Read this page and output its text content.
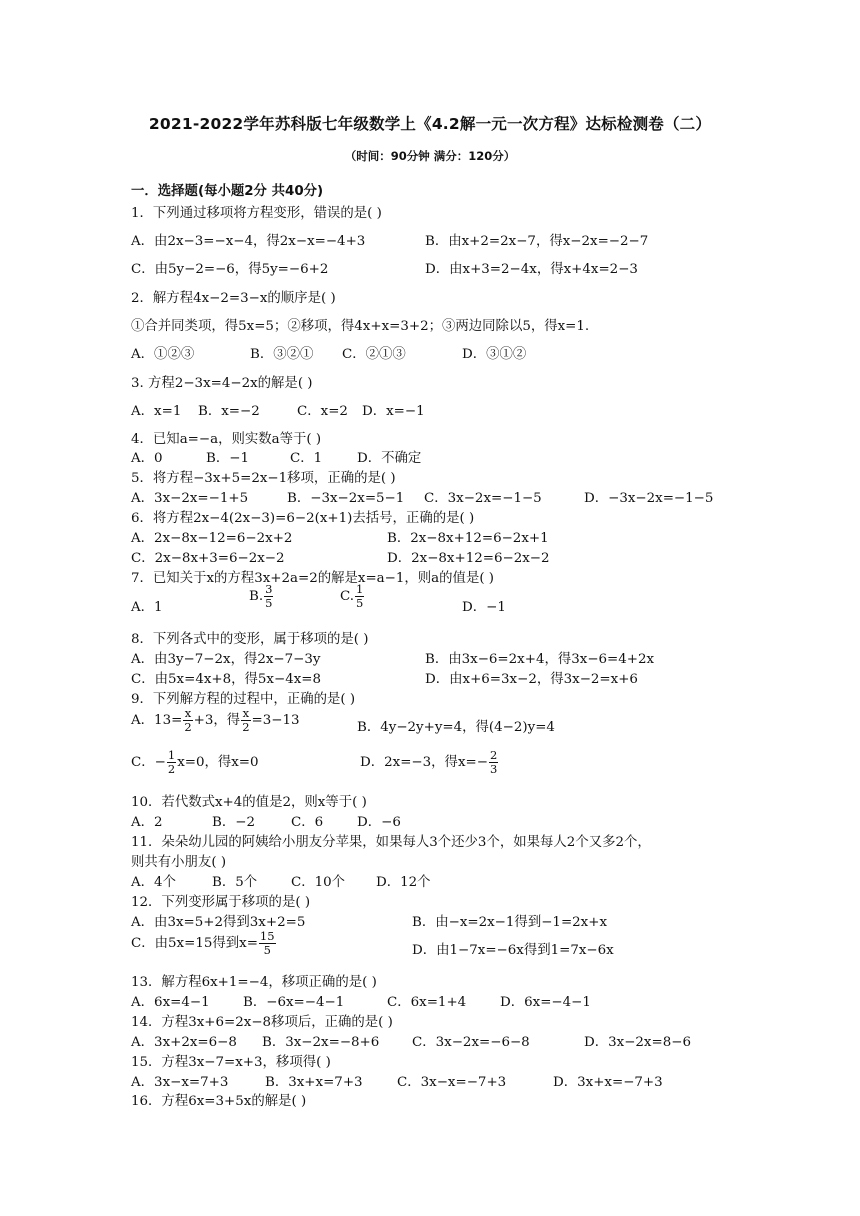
2021-2022学年苏科版七年级数学上《4.2解一元一次方程》达标检测卷（二）
（时间：90分钟 满分：120分）
一．选择题(每小题2分 共40分)
1．下列通过移项将方程变形，错误的是( )
A．由2x−3=−x−4，得2x−x=−4+3	B．由x+2=2x−7，得x−2x=−2−7
C．由5y−2=−6，得5y=−6+2	D．由x+3=2−4x，得x+4x=2−3
2．解方程4x−2=3−x的顺序是( )
①合并同类项，得5x=5；②移项，得4x+x=3+2；③两边同除以5，得x=1.
A．①②③	B．③②① C．②①③	D．③①②
3. 方程2−3x=4−2x的解是( )
A．x=1 B．x=−2	C．x=2 D．x=−1
4．已知a=−a，则实数a等于( )
A．0	B．−1	C．1	D．不确定
5．将方程−3x+5=2x−1移项，正确的是( )
A．3x−2x=−1+5	B．−3x−2x=5−1 C．3x−2x=−1−5	D．−3x−2x=−1−5
6．将方程2x−4(2x−3)=6−2(x+1)去括号，正确的是( )
A．2x−8x−12=6−2x+2	B．2x−8x+12=6−2x+1
C．2x−8x+3=6−2x−2	D．2x−8x+12=6−2x−2
7．已知关于x的方程3x+2a=2的解是x=a−1，则a的值是( )
A．1
B. $\frac{3}{5}$	C. $\frac{1}{5}$	D．−1
8．下列各式中的变形，属于移项的是( )
A．由3y−7−2x，得2x−7−3y	B．由3x−6=2x+4，得3x−6=4+2x
C．由5x=4x+8，得5x−4x=8	D．由x+6=3x−2，得3x−2=x+6
9．下列解方程的过程中，正确的是( )
A．$13= \frac{x}{2} +3$，得 $\frac{x}{2} =3-13$	B．4y−2y+y=4，得(4−2)y=4
C．− $\frac{1}{2} x=0$，得x=0	D．2x=−3，得$x=- \frac{2}{3}$
10．若代数式x+4的值是2，则x等于( )
A．2	B．−2	C．6	D．−6
11．朵朵幼儿园的阿姨给小朋友分苹果，如果每人3个还少3个，如果每人2个又多2个，
则共有小朋友( )
A．4个	B．5个	C．10个 D．12个
12．下列变形属于移项的是( )
A．由3x=5+2得到3x+2=5	B．由−x=2x−1得到−1=2x+x
C．由5x=15得到$x= \frac{15}{5}$	D．由1−7x=−6x得到1=7x−6x
13．解方程6x+1=−4，移项正确的是( )
A．6x=4−1 B．−6x=−4−1	C．6x=1+4	D．6x=−4−1
14．方程3x+6=2x−8移项后，正确的是( )
A．3x+2x=6−8 B．3x−2x=−8+6 C．3x−2x=−6−8	D．3x−2x=8−6
15．方程3x−7=x+3，移项得( )
A．3x−x=7+3	B．3x+x=7+3	C．3x−x=−7+3	D．3x+x=−7+3
16．方程6x=3+5x的解是( )
